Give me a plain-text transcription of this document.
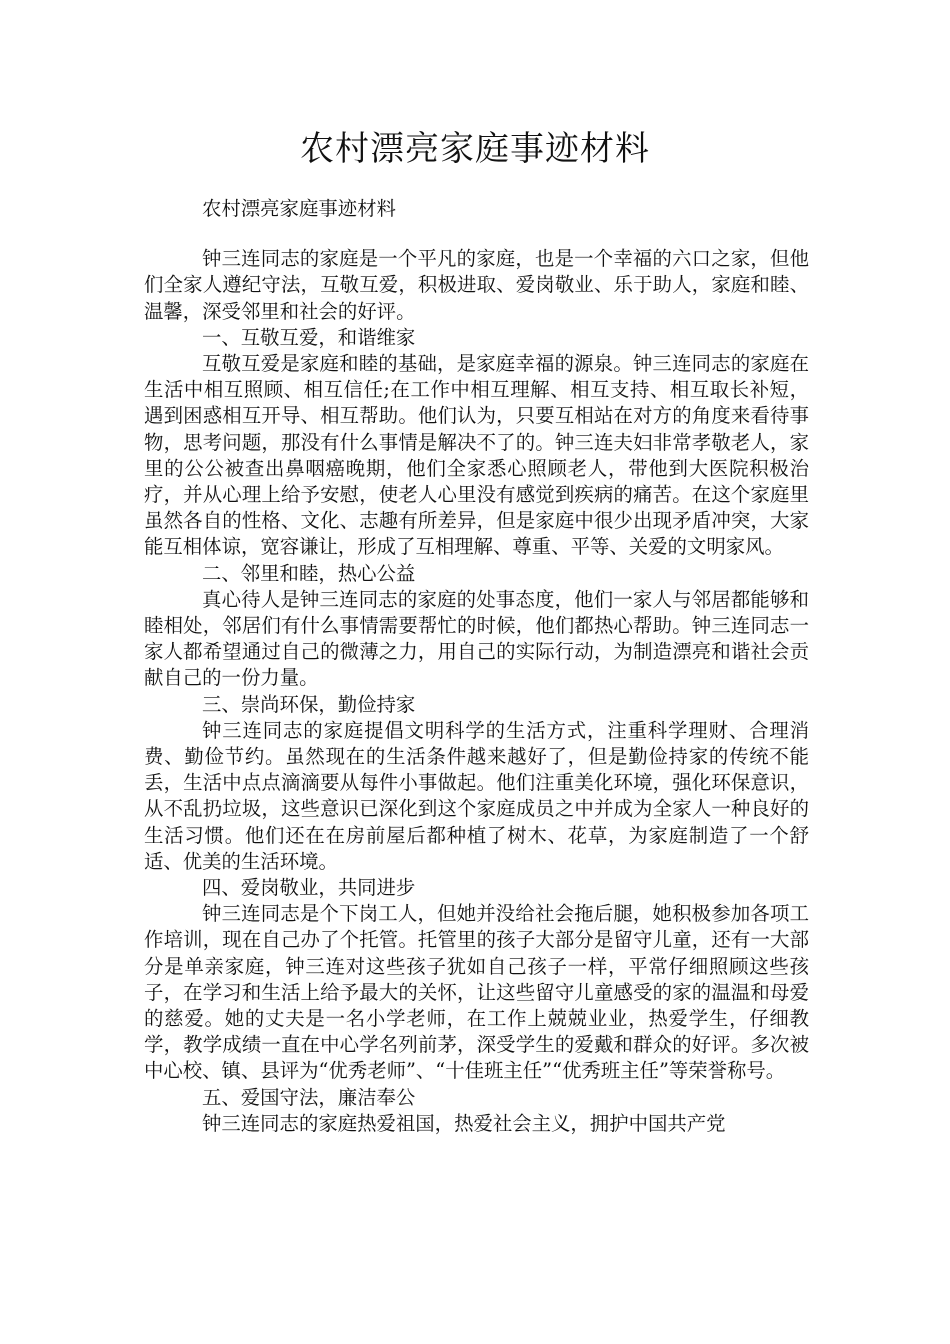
农村漂亮家庭事迹材料

农村漂亮家庭事迹材料

钟三连同志的家庭是一个平凡的家庭，也是一个幸福的六口之家，但他们全家人遵纪守法，互敬互爱，积极进取、爱岗敬业、乐于助人，家庭和睦、温馨，深受邻里和社会的好评。

一、互敬互爱，和谐维家

互敬互爱是家庭和睦的基础，是家庭幸福的源泉。钟三连同志的家庭在生活中相互照顾、相互信任;在工作中相互理解、相互支持、相互取长补短，遇到困惑相互开导、相互帮助。他们认为，只要互相站在对方的角度来看待事物，思考问题，那没有什么事情是解决不了的。钟三连夫妇非常孝敬老人，家里的公公被查出鼻咽癌晚期，他们全家悉心照顾老人，带他到大医院积极治疗，并从心理上给予安慰，使老人心里没有感觉到疾病的痛苦。在这个家庭里虽然各自的性格、文化、志趣有所差异，但是家庭中很少出现矛盾冲突，大家能互相体谅，宽容谦让，形成了互相理解、尊重、平等、关爱的文明家风。

二、邻里和睦，热心公益

真心待人是钟三连同志的家庭的处事态度，他们一家人与邻居都能够和睦相处，邻居们有什么事情需要帮忙的时候，他们都热心帮助。钟三连同志一家人都希望通过自己的微薄之力，用自己的实际行动，为制造漂亮和谐社会贡献自己的一份力量。

三、崇尚环保，勤俭持家

钟三连同志的家庭提倡文明科学的生活方式，注重科学理财、合理消费、勤俭节约。虽然现在的生活条件越来越好了，但是勤俭持家的传统不能丢，生活中点点滴滴要从每件小事做起。他们注重美化环境，强化环保意识，从不乱扔垃圾，这些意识已深化到这个家庭成员之中并成为全家人一种良好的生活习惯。他们还在在房前屋后都种植了树木、花草，为家庭制造了一个舒适、优美的生活环境。

四、爱岗敬业，共同进步

钟三连同志是个下岗工人，但她并没给社会拖后腿，她积极参加各项工作培训，现在自己办了个托管。托管里的孩子大部分是留守儿童，还有一大部分是单亲家庭，钟三连对这些孩子犹如自己孩子一样，平常仔细照顾这些孩子，在学习和生活上给予最大的关怀，让这些留守儿童感受的家的温温和母爱的慈爱。她的丈夫是一名小学老师，在工作上兢兢业业，热爱学生，仔细教学，教学成绩一直在中心学名列前茅，深受学生的爱戴和群众的好评。多次被中心校、镇、县评为“优秀老师”、“十佳班主任”“优秀班主任”等荣誉称号。

五、爱国守法，廉洁奉公

钟三连同志的家庭热爱祖国，热爱社会主义，拥护中国共产党
